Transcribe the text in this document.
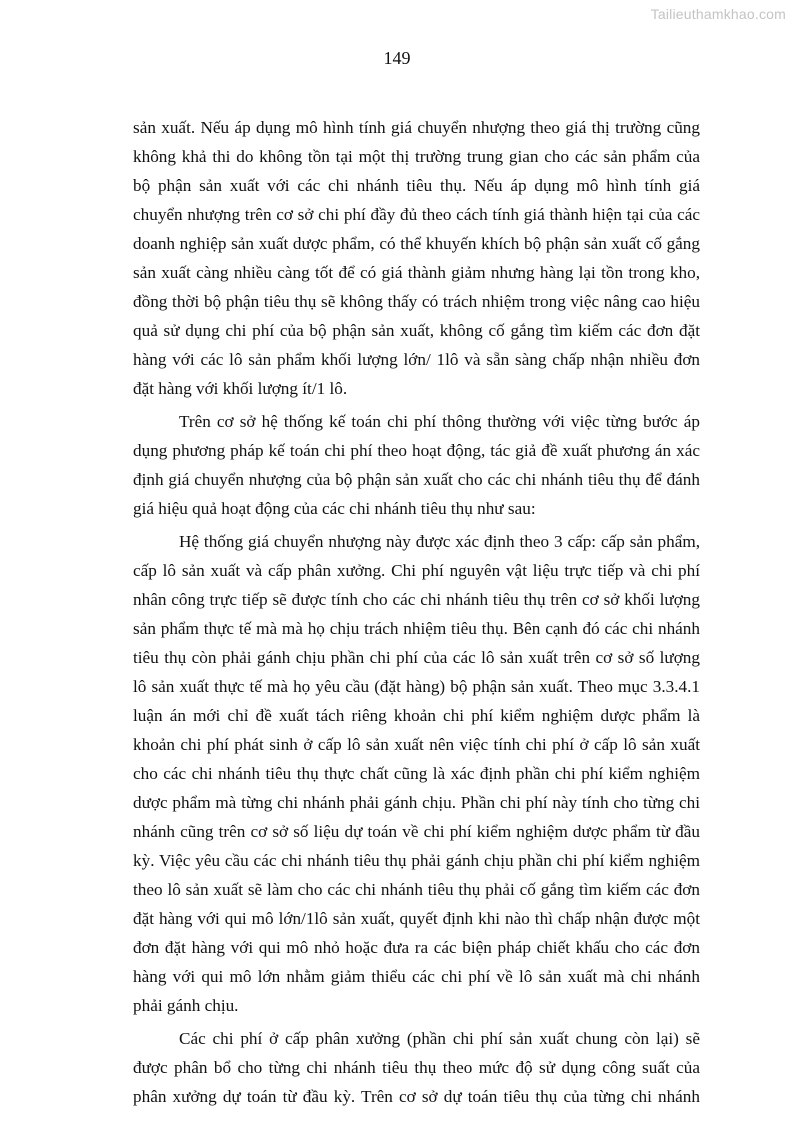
Tailieuthamkhao.com
149
sản xuất. Nếu áp dụng mô hình tính giá chuyển nhượng theo giá thị trường cũng
không khả thi do không tồn tại một thị trường trung gian cho các sản phẩm của
bộ phận sản xuất với các chi nhánh tiêu thụ. Nếu áp dụng mô hình tính giá
chuyển nhượng trên cơ sở chi phí đầy đủ theo cách tính giá thành hiện tại của các
doanh nghiệp sản xuất dược phẩm, có thể khuyến khích bộ phận sản xuất cố gắng
sản xuất càng nhiều càng tốt để có giá thành giảm nhưng hàng lại tồn trong kho,
đồng thời bộ phận tiêu thụ sẽ không thấy có trách nhiệm trong việc nâng cao hiệu
quả sử dụng chi phí của bộ phận sản xuất, không cố gắng tìm kiếm các đơn đặt
hàng với các lô sản phẩm khối lượng lớn/ 1lô và sẵn sàng chấp nhận nhiều đơn
đặt hàng với khối lượng ít/1 lô.
Trên cơ sở hệ thống kế toán chi phí thông thường với việc từng bước áp
dụng phương pháp kế toán chi phí theo hoạt động, tác giả đề xuất phương án xác
định giá chuyển nhượng của bộ phận sản xuất cho các chi nhánh tiêu thụ để đánh
giá hiệu quả hoạt động của các chi nhánh tiêu thụ như sau:
Hệ thống giá chuyển nhượng này được xác định theo 3 cấp: cấp sản phẩm,
cấp lô sản xuất và cấp phân xưởng. Chi phí nguyên vật liệu trực tiếp và chi phí
nhân công trực tiếp sẽ được tính cho các chi nhánh tiêu thụ trên cơ sở khối lượng
sản phẩm thực tế mà mà họ chịu trách nhiệm tiêu thụ. Bên cạnh đó các chi nhánh
tiêu thụ còn phải gánh chịu phần chi phí của các lô sản xuất trên cơ sở số lượng
lô sản xuất thực tế mà họ yêu cầu (đặt hàng) bộ phận sản xuất. Theo mục 3.3.4.1
luận án mới chỉ đề xuất tách riêng khoản chi phí kiểm nghiệm dược phẩm là
khoản chi phí phát sinh ở cấp lô sản xuất nên việc tính chi phí ở cấp lô sản xuất
cho các chi nhánh tiêu thụ thực chất cũng là xác định phần chi phí kiểm nghiệm
dược phẩm mà từng chi nhánh phải gánh chịu. Phần chi phí này tính cho từng chi
nhánh cũng trên cơ sở số liệu dự toán về chi phí kiểm nghiệm dược phẩm từ đầu
kỳ. Việc yêu cầu các chi nhánh tiêu thụ phải gánh chịu phần chi phí kiểm nghiệm
theo lô sản xuất sẽ làm cho các chi nhánh tiêu thụ phải cố gắng tìm kiếm các đơn
đặt hàng với qui mô lớn/1lô sản xuất, quyết định khi nào thì chấp nhận được một
đơn đặt hàng với qui mô nhỏ hoặc đưa ra các biện pháp chiết khấu cho các đơn
hàng với qui mô lớn nhằm giảm thiểu các chi phí về lô sản xuất mà chi nhánh
phải gánh chịu.
Các chi phí ở cấp phân xưởng (phần chi phí sản xuất chung còn lại) sẽ
được phân bổ cho từng chi nhánh tiêu thụ theo mức độ sử dụng công suất của
phân xưởng dự toán từ đầu kỳ. Trên cơ sở dự toán tiêu thụ của từng chi nhánh
